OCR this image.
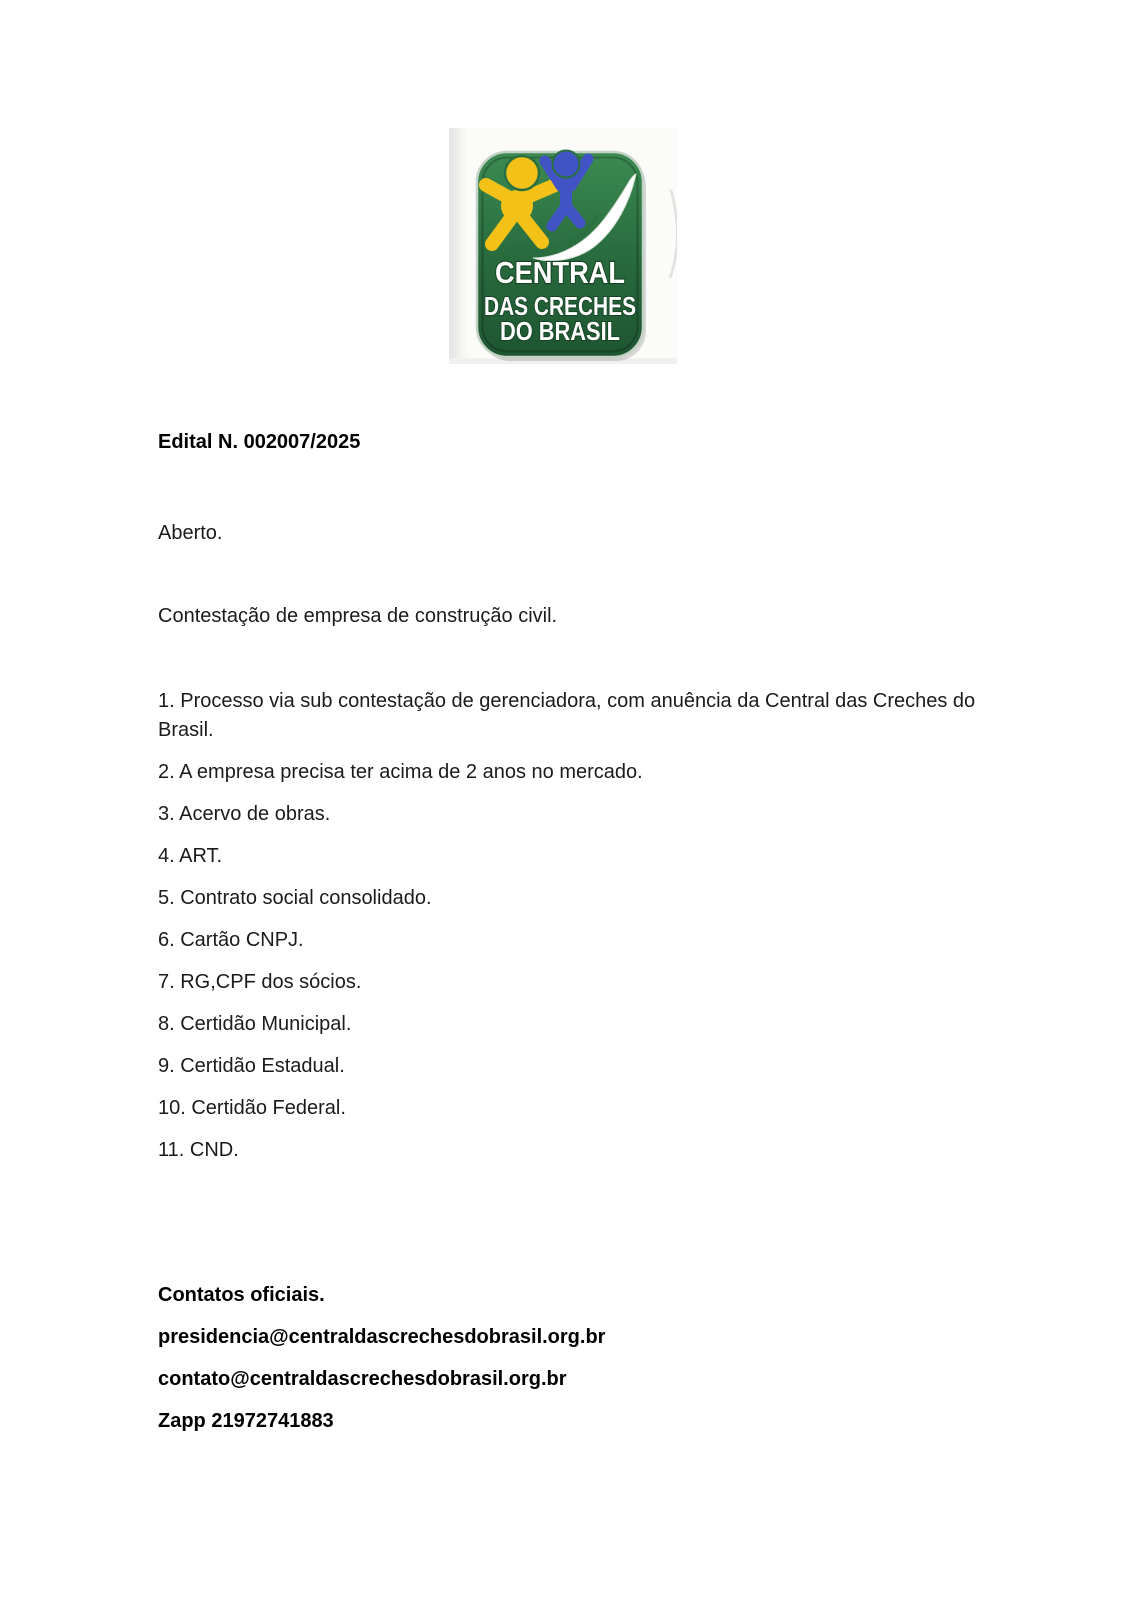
CENTRAL
DAS CRECHES
DO BRASIL

Edital N. 002007/2025

Aberto.

Contestação de empresa de construção civil.

1. Processo via sub contestação de gerenciadora, com anuência da Central das Creches do Brasil.

2. A empresa precisa ter acima de 2 anos no mercado.

3. Acervo de obras.

4. ART.

5. Contrato social consolidado.

6. Cartão CNPJ.

7. RG,CPF dos sócios.

8. Certidão Municipal.

9. Certidão Estadual.

10. Certidão Federal.

11. CND.

Contatos oficiais.

presidencia@centraldascrechesdobrasil.org.br

contato@centraldascrechesdobrasil.org.br

Zapp 21972741883
